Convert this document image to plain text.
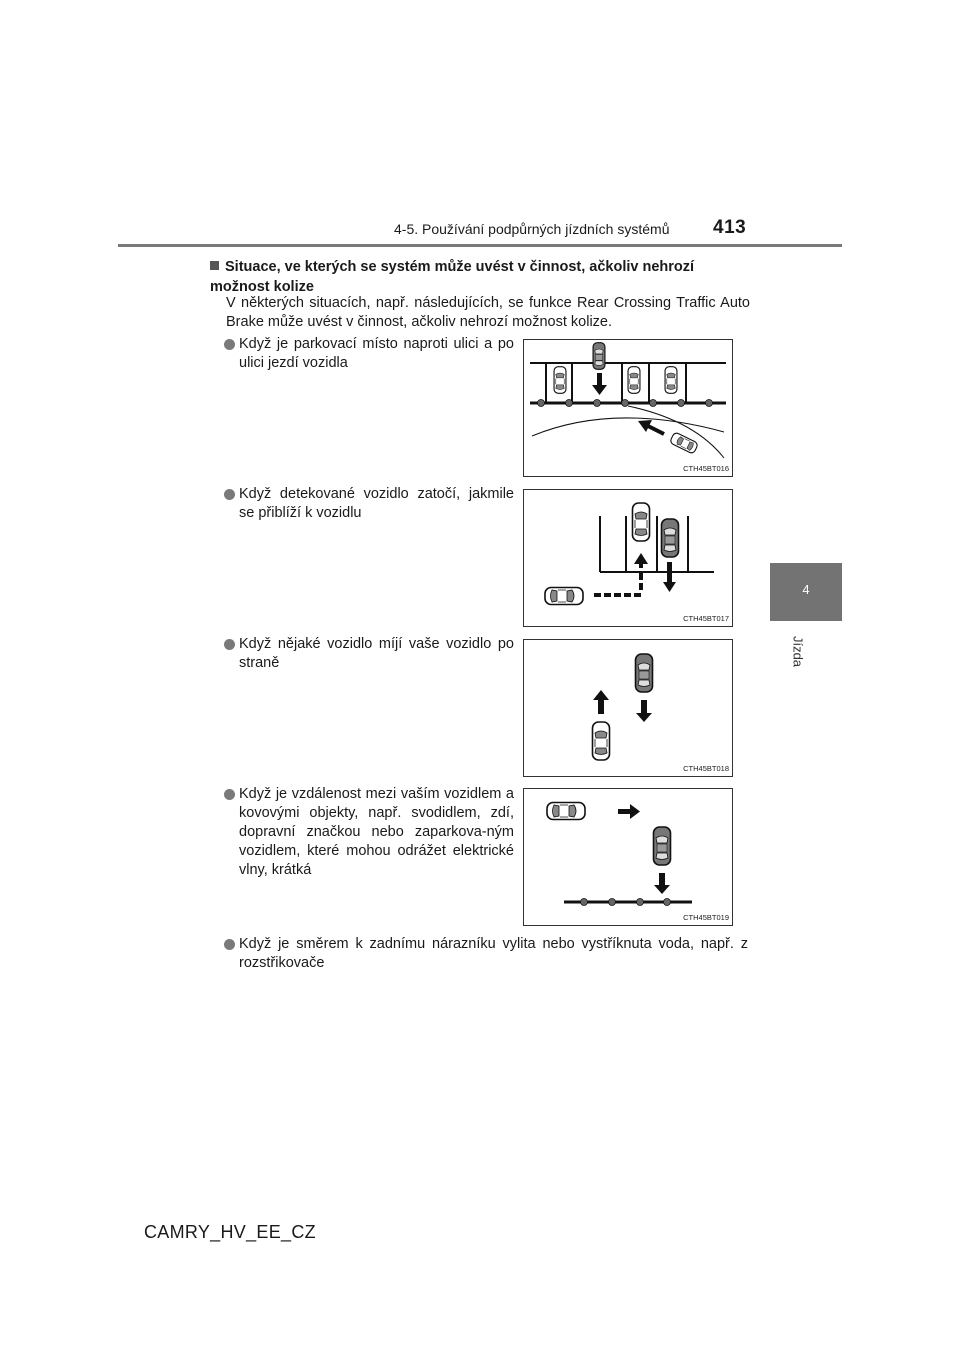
4-5. Používání podpůrných jízdních systémů 413
4
Jízda
Situace, ve kterých se systém může uvést v činnost, ačkoliv nehrozí možnost kolize
V některých situacích, např. následujících, se funkce Rear Crossing Traffic Auto Brake může uvést v činnost, ačkoliv nehrozí možnost kolize.
Když je parkovací místo naproti ulici a po ulici jezdí vozidla
CTH45BT016
Když detekované vozidlo zatočí, jakmile se přiblíží k vozidlu
CTH45BT017
Když nějaké vozidlo míjí vaše vozidlo po straně
CTH45BT018
Když je vzdálenost mezi vaším vozidlem a kovovými objekty, např. svodidlem, zdí, dopravní značkou nebo zaparkova-ným vozidlem, které mohou odrážet elektrické vlny, krátká
CTH45BT019
Když je směrem k zadnímu nárazníku vylita nebo vystříknuta voda, např. z rozstřikovače
CAMRY_HV_EE_CZ
